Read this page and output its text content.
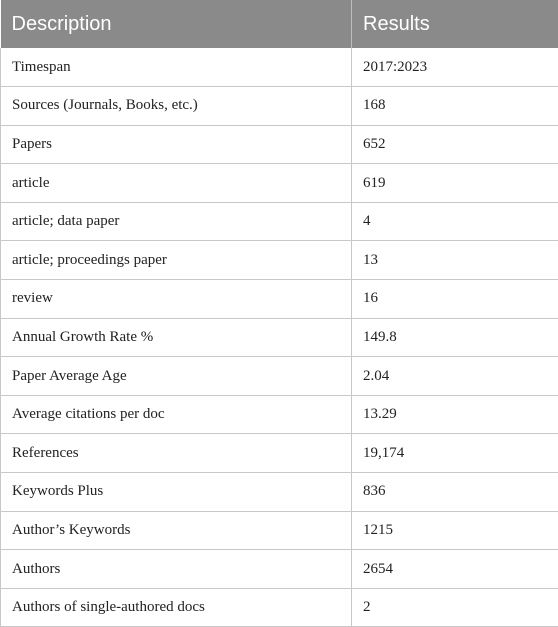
Description	Results
Timespan	2017:2023
Sources (Journals, Books, etc.)	168
Papers	652
article	619
article; data paper	4
article; proceedings paper	13
review	16
Annual Growth Rate %	149.8
Paper Average Age	2.04
Average citations per doc	13.29
References	19,174
Keywords Plus	836
Author’s Keywords	1215
Authors	2654
Authors of single-authored docs	2
